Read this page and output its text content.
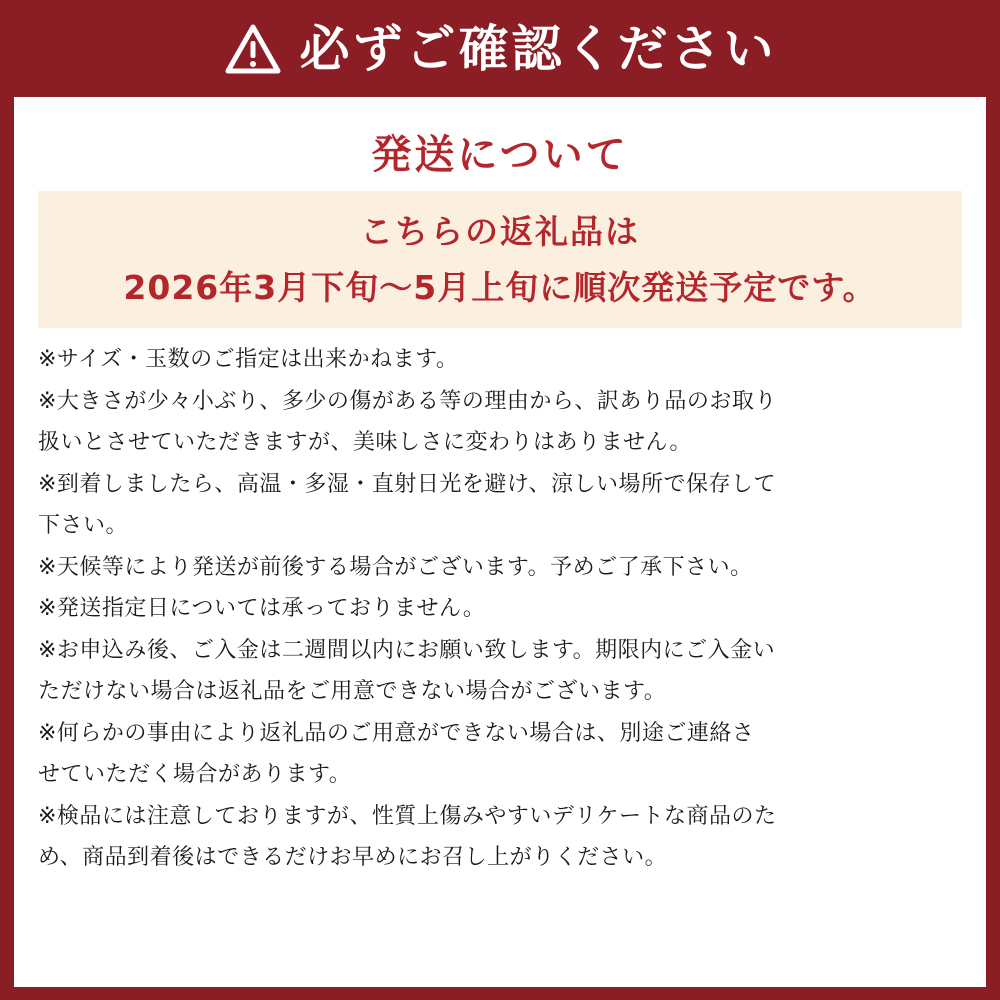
必ずご確認ください
発送について
こちらの返礼品は
2026年3月下旬～5月上旬に順次発送予定です。
※サイズ・玉数のご指定は出来かねます。
※大きさが少々小ぶり、多少の傷がある等の理由から、訳あり品のお取り
扱いとさせていただきますが、美味しさに変わりはありません。
※到着しましたら、高温・多湿・直射日光を避け、涼しい場所で保存して
下さい。
※天候等により発送が前後する場合がございます。予めご了承下さい。
※発送指定日については承っておりません。
※お申込み後、ご入金は二週間以内にお願い致します。期限内にご入金い
ただけない場合は返礼品をご用意できない場合がございます。
※何らかの事由により返礼品のご用意ができない場合は、別途ご連絡さ
せていただく場合があります。
※検品には注意しておりますが、性質上傷みやすいデリケートな商品のた
め、商品到着後はできるだけお早めにお召し上がりください。
